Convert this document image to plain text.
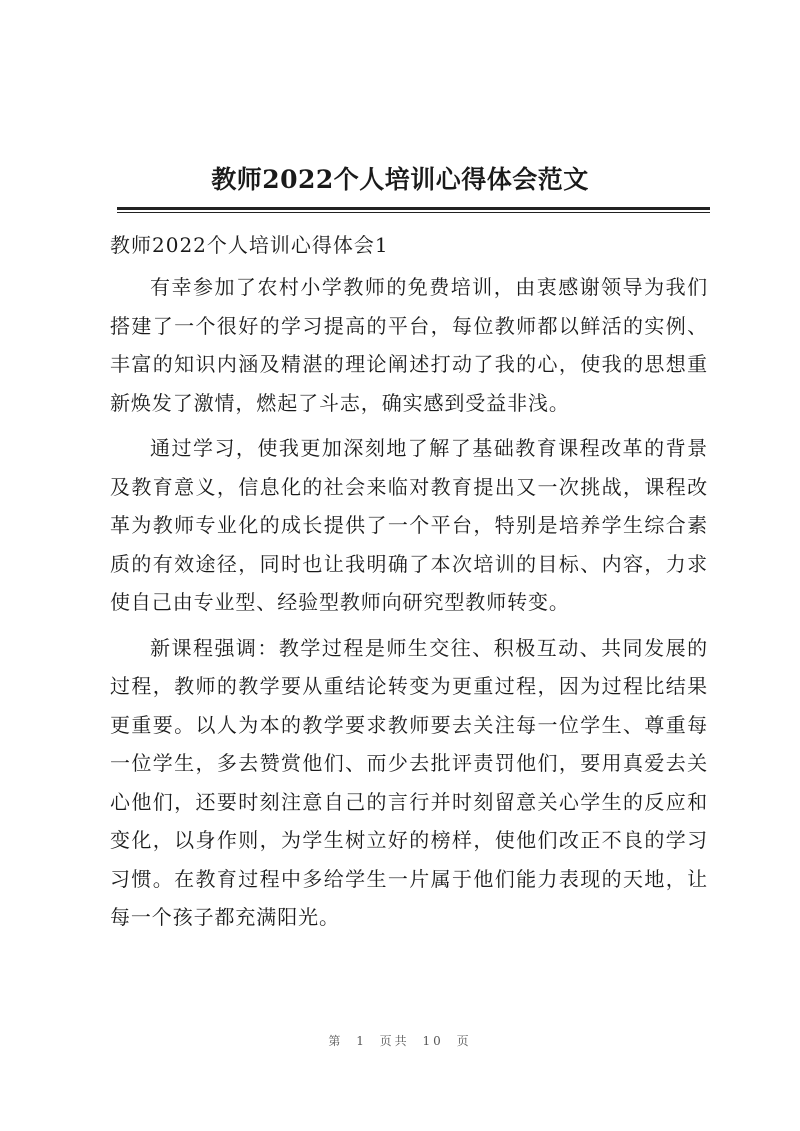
教师2022个人培训心得体会范文
教师2022个人培训心得体会1

有幸参加了农村小学教师的免费培训，由衷感谢领导为我们搭建了一个很好的学习提高的平台，每位教师都以鲜活的实例、丰富的知识内涵及精湛的理论阐述打动了我的心，使我的思想重新焕发了激情，燃起了斗志，确实感到受益非浅。

通过学习，使我更加深刻地了解了基础教育课程改革的背景及教育意义，信息化的社会来临对教育提出又一次挑战，课程改革为教师专业化的成长提供了一个平台，特别是培养学生综合素质的有效途径，同时也让我明确了本次培训的目标、内容，力求使自己由专业型、经验型教师向研究型教师转变。

新课程强调：教学过程是师生交往、积极互动、共同发展的过程，教师的教学要从重结论转变为更重过程，因为过程比结果更重要。以人为本的教学要求教师要去关注每一位学生、尊重每一位学生，多去赞赏他们、而少去批评责罚他们，要用真爱去关心他们，还要时刻注意自己的言行并时刻留意关心学生的反应和变化，以身作则，为学生树立好的榜样，使他们改正不良的学习习惯。在教育过程中多给学生一片属于他们能力表现的天地，让每一个孩子都充满阳光。

第 1 页共 10 页
